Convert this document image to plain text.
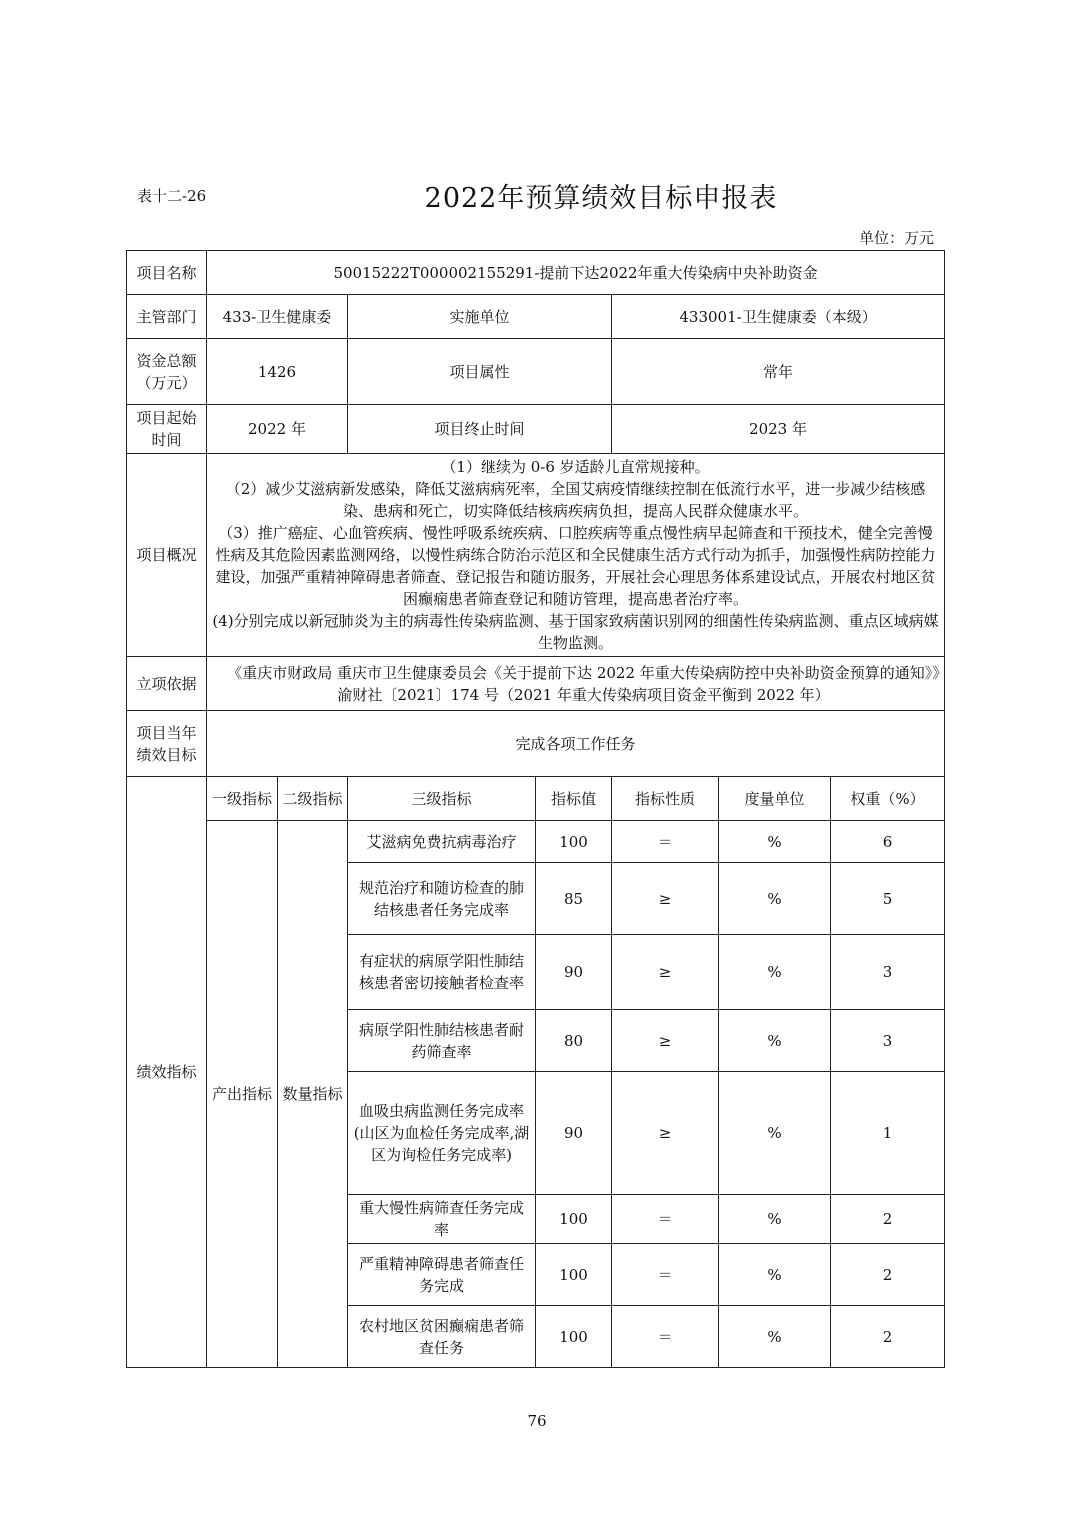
表十二-26	2022年预算绩效目标申报表
单位：万元
项目名称	50015222T000002155291-提前下达2022年重大传染病中央补助资金						
主管部门	433-卫生健康委		实施单位		433001-卫生健康委（本级）		
资金总额（万元）	1426		项目属性		常年		
项目起始时间	2022 年		项目终止时间		2023 年		
项目概况	（1）继续为 0-6 岁适龄儿直常规接种。
（2）减少艾滋病新发感染，降低艾滋病病死率，全国艾病疫情继续控制在低流行水平，进一步减少结核感染、患病和死亡，切实降低结核病疾病负担，提高人民群众健康水平。
（3）推广癌症、心血管疾病、慢性呼吸系统疾病、口腔疾病等重点慢性病早起筛查和干预技术，健全完善慢性病及其危险因素监测网络，以慢性病练合防治示范区和全民健康生活方式行动为抓手，加强慢性病防控能力建设，加强严重精神障碍患者筛查、登记报告和随访服务，开展社会心理思务体系建设试点，开展农村地区贫困癫痫患者筛查登记和随访管理，提高患者治疗率。
(4)分别完成以新冠肺炎为主的病毒性传染病监测、基于国家致病菌识别网的细菌性传染病监测、重点区域病媒生物监测。						

立项依据	《重庆市财政局 重庆市卫生健康委员会《关于提前下达 2022 年重大传染病防控中央补助资金预算的通知》》渝财社〔2021〕174 号（2021 年重大传染病项目资金平衡到 2022 年）						
项目当年绩效目标	完成各项工作任务						
绩效指标	一级指标	二级指标	三级指标	指标值	指标性质	度量单位	权重（%）
	产出指标	数量指标	艾滋病免费抗病毒治疗	100	＝	%	6
			规范治疗和随访检查的肺结核患者任务完成率	85	≥	%	5
			有症状的病原学阳性肺结核患者密切接触者检查率	90	≥	%	3
			病原学阳性肺结核患者耐药筛查率	80	≥	%	3
			血吸虫病监测任务完成率(山区为血检任务完成率,湖区为询检任务完成率)	90	≥	%	1
			重大慢性病筛查任务完成率	100	＝	%	2
			严重精神障碍患者筛查任务完成	100	＝	%	2
			农村地区贫困癫痫患者筛查任务	100	＝	%	2
76
